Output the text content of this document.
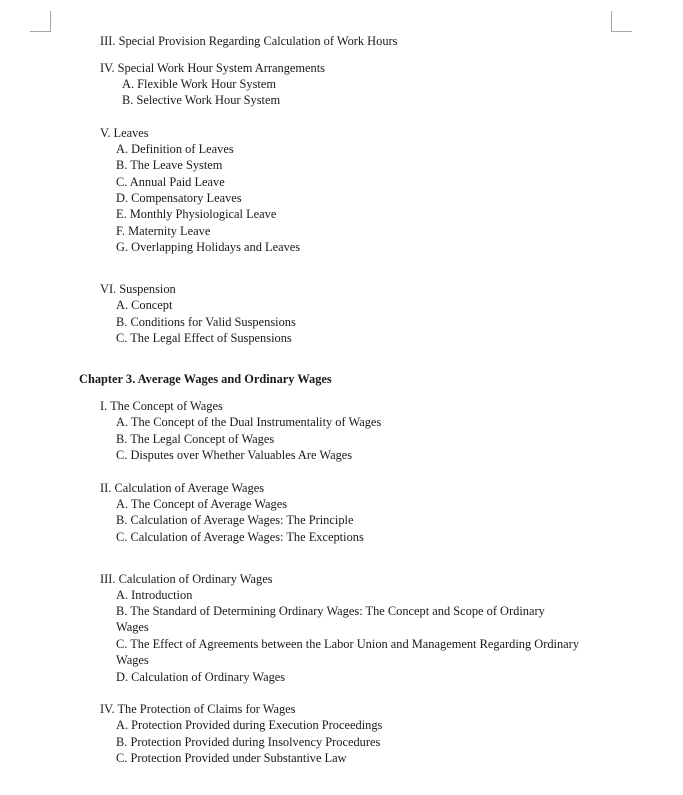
III. Special Provision Regarding Calculation of Work Hours
IV. Special Work Hour System Arrangements
A. Flexible Work Hour System
B. Selective Work Hour System
V. Leaves
A. Definition of Leaves
B. The Leave System
C. Annual Paid Leave
D. Compensatory Leaves
E. Monthly Physiological Leave
F. Maternity Leave
G. Overlapping Holidays and Leaves
VI. Suspension
A. Concept
B. Conditions for Valid Suspensions
C. The Legal Effect of Suspensions
Chapter 3. Average Wages and Ordinary Wages
I. The Concept of Wages
A. The Concept of the Dual Instrumentality of Wages
B. The Legal Concept of Wages
C. Disputes over Whether Valuables Are Wages
II. Calculation of Average Wages
A. The Concept of Average Wages
B. Calculation of Average Wages: The Principle
C. Calculation of Average Wages: The Exceptions
III. Calculation of Ordinary Wages
A. Introduction
B. The Standard of Determining Ordinary Wages: The Concept and Scope of Ordinary
Wages
C. The Effect of Agreements between the Labor Union and Management Regarding Ordinary
Wages
D. Calculation of Ordinary Wages
IV. The Protection of Claims for Wages
A. Protection Provided during Execution Proceedings
B. Protection Provided during Insolvency Procedures
C. Protection Provided under Substantive Law
